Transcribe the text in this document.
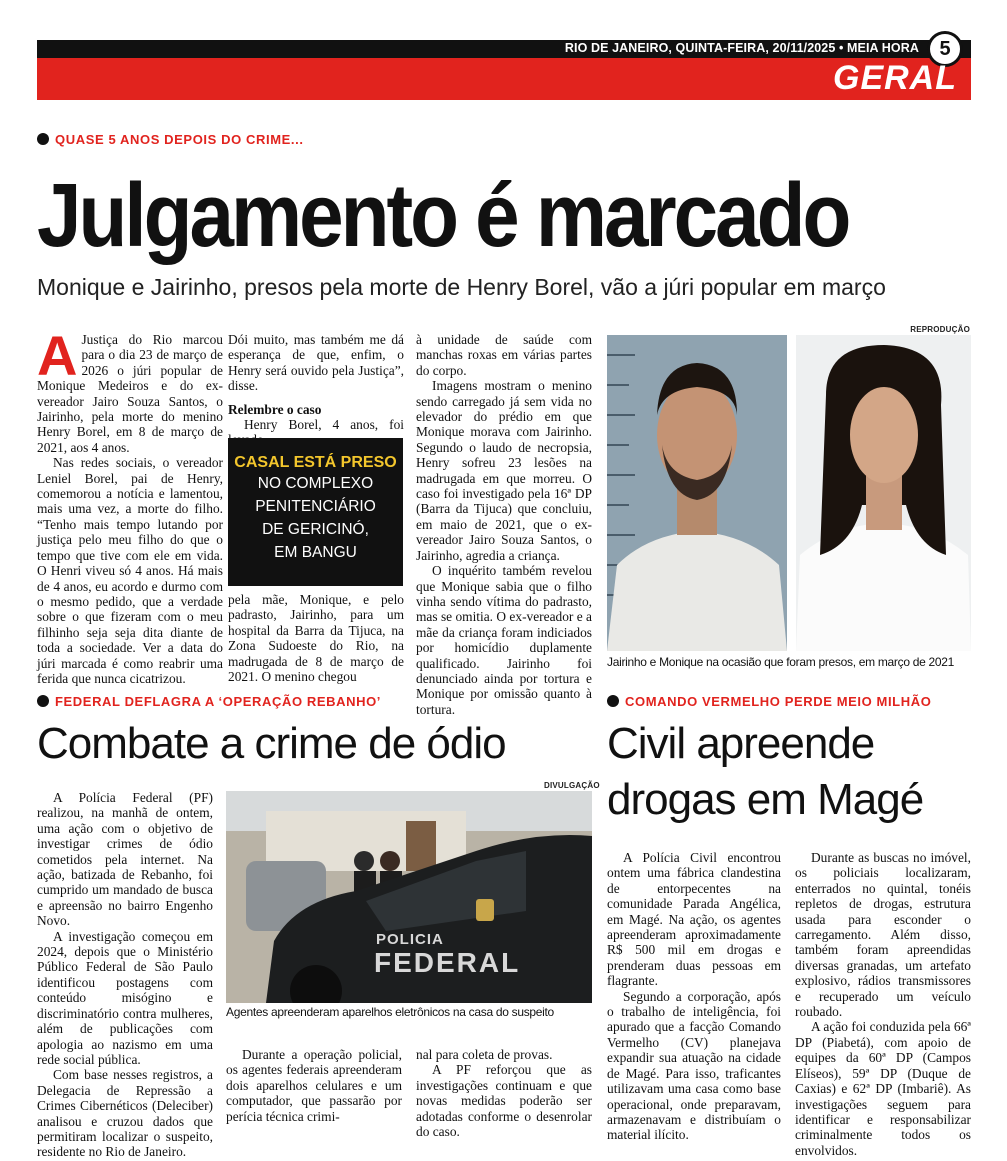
RIO DE JANEIRO, QUINTA-FEIRA, 20/11/2025 • MEIA HORA	5
GERAL
QUASE 5 ANOS DEPOIS DO CRIME...
Julgamento é marcado
Monique e Jairinho, presos pela morte de Henry Borel, vão a júri popular em março

A Justiça do Rio marcou para o dia 23 de março de 2026 o júri popular de Monique Medeiros e do ex-vereador Jairo Souza Santos, o Jairinho, pela morte do menino Henry Borel, em 8 de março de 2021, aos 4 anos.

Nas redes sociais, o vereador Leniel Borel, pai de Henry, comemorou a notícia e lamentou, mais uma vez, a morte do filho. “Tenho mais tempo lutando por justiça pelo meu filho do que o tempo que tive com ele em vida. O Henri viveu só 4 anos. Há mais de 4 anos, eu acordo e durmo com o mesmo pedido, que a verdade sobre o que fizeram com o meu filhinho seja seja dita diante de toda a sociedade. Ver a data do júri marcada é como reabrir uma ferida que nunca cicatrizou.

Dói muito, mas também me dá esperança de que, enfim, o Henry será ouvido pela Justiça”, disse.

Relembre o caso

Henry Borel, 4 anos, foi

CASAL ESTÁ PRESO
NO COMPLEXO
PENITENCIÁRIO
DE GERICINÓ,
EM BANGU

pela mãe, Monique, e pelo padrasto, Jairinho, para um hospital da Barra da Tijuca, na Zona Sudoeste do Rio, na madrugada de 8 de março de 2021. O menino chegou

à unidade de saúde com manchas roxas em várias partes do corpo.

Imagens mostram o menino sendo carregado já sem vida no elevador do prédio em que Monique morava com Jairinho. Segundo o laudo de necropsia, Henry sofreu 23 lesões na madrugada em que morreu. O caso foi investigado pela 16ª DP (Barra da Tijuca) que concluiu, em maio de 2021, que o ex-vereador Jairo Souza Santos, o Jairinho, agredia a criança.

O inquérito também revelou que Monique sabia que o filho vinha sendo vítima do padrasto, mas se omitia. O ex-vereador e a mãe da criança foram indiciados por homicídio duplamente qualificado. Jairinho foi denunciado ainda por tortura e Monique por omissão quanto à tortura.

REPRODUÇÃO
Jairinho e Monique na ocasião que foram presos, em março de 2021
FEDERAL DEFLAGRA A ‘OPERAÇÃO REBANHO’
Combate a crime de ódio

A Polícia Federal (PF) realizou, na manhã de ontem, uma ação com o objetivo de investigar crimes de ódio cometidos pela internet. Na ação, batizada de Rebanho, foi cumprido um mandado de busca e apreensão no bairro Engenho Novo.

A investigação começou em 2024, depois que o Ministério Público Federal de São Paulo identificou postagens com conteúdo misógino e discriminatório contra mulheres, além de publicações com apologia ao nazismo em uma rede social pública.

Com base nesses registros, a Delegacia de Repressão a Crimes Cibernéticos (Deleciber) analisou e cruzou dados que permitiram localizar o suspeito, residente no Rio de Janeiro.

DIVULGAÇÃO
POLICIA
FEDERAL
Agentes apreenderam aparelhos eletrônicos na casa do suspeito

Durante a operação policial, os agentes federais apreenderam dois aparelhos celulares e um computador, que passarão por perícia técnica crimi-

nal para coleta de provas.

A PF reforçou que as investigações continuam e que novas medidas poderão ser adotadas conforme o desenrolar do caso.

COMANDO VERMELHO PERDE MEIO MILHÃO
Civil apreende
drogas em Magé

A Polícia Civil encontrou ontem uma fábrica clandestina de entorpecentes na comunidade Parada Angélica, em Magé. Na ação, os agentes apreenderam aproximadamente R$ 500 mil em drogas e prenderam duas pessoas em flagrante.

Segundo a corporação, após o trabalho de inteligência, foi apurado que a facção Comando Vermelho (CV) planejava expandir sua atuação na cidade de Magé. Para isso, traficantes utilizavam uma casa como base operacional, onde preparavam, armazenavam e distribuíam o material ilícito.

Durante as buscas no imóvel, os policiais localizaram, enterrados no quintal, tonéis repletos de drogas, estrutura usada para esconder o carregamento. Além disso, também foram apreendidas diversas granadas, um artefato explosivo, rádios transmissores e recuperado um veículo roubado.

A ação foi conduzida pela 66ª DP (Piabetá), com apoio de equipes da 60ª DP (Campos Elíseos), 59ª DP (Duque de Caxias) e 62ª DP (Imbariê). As investigações seguem para identificar e responsabilizar criminalmente todos os envolvidos.
